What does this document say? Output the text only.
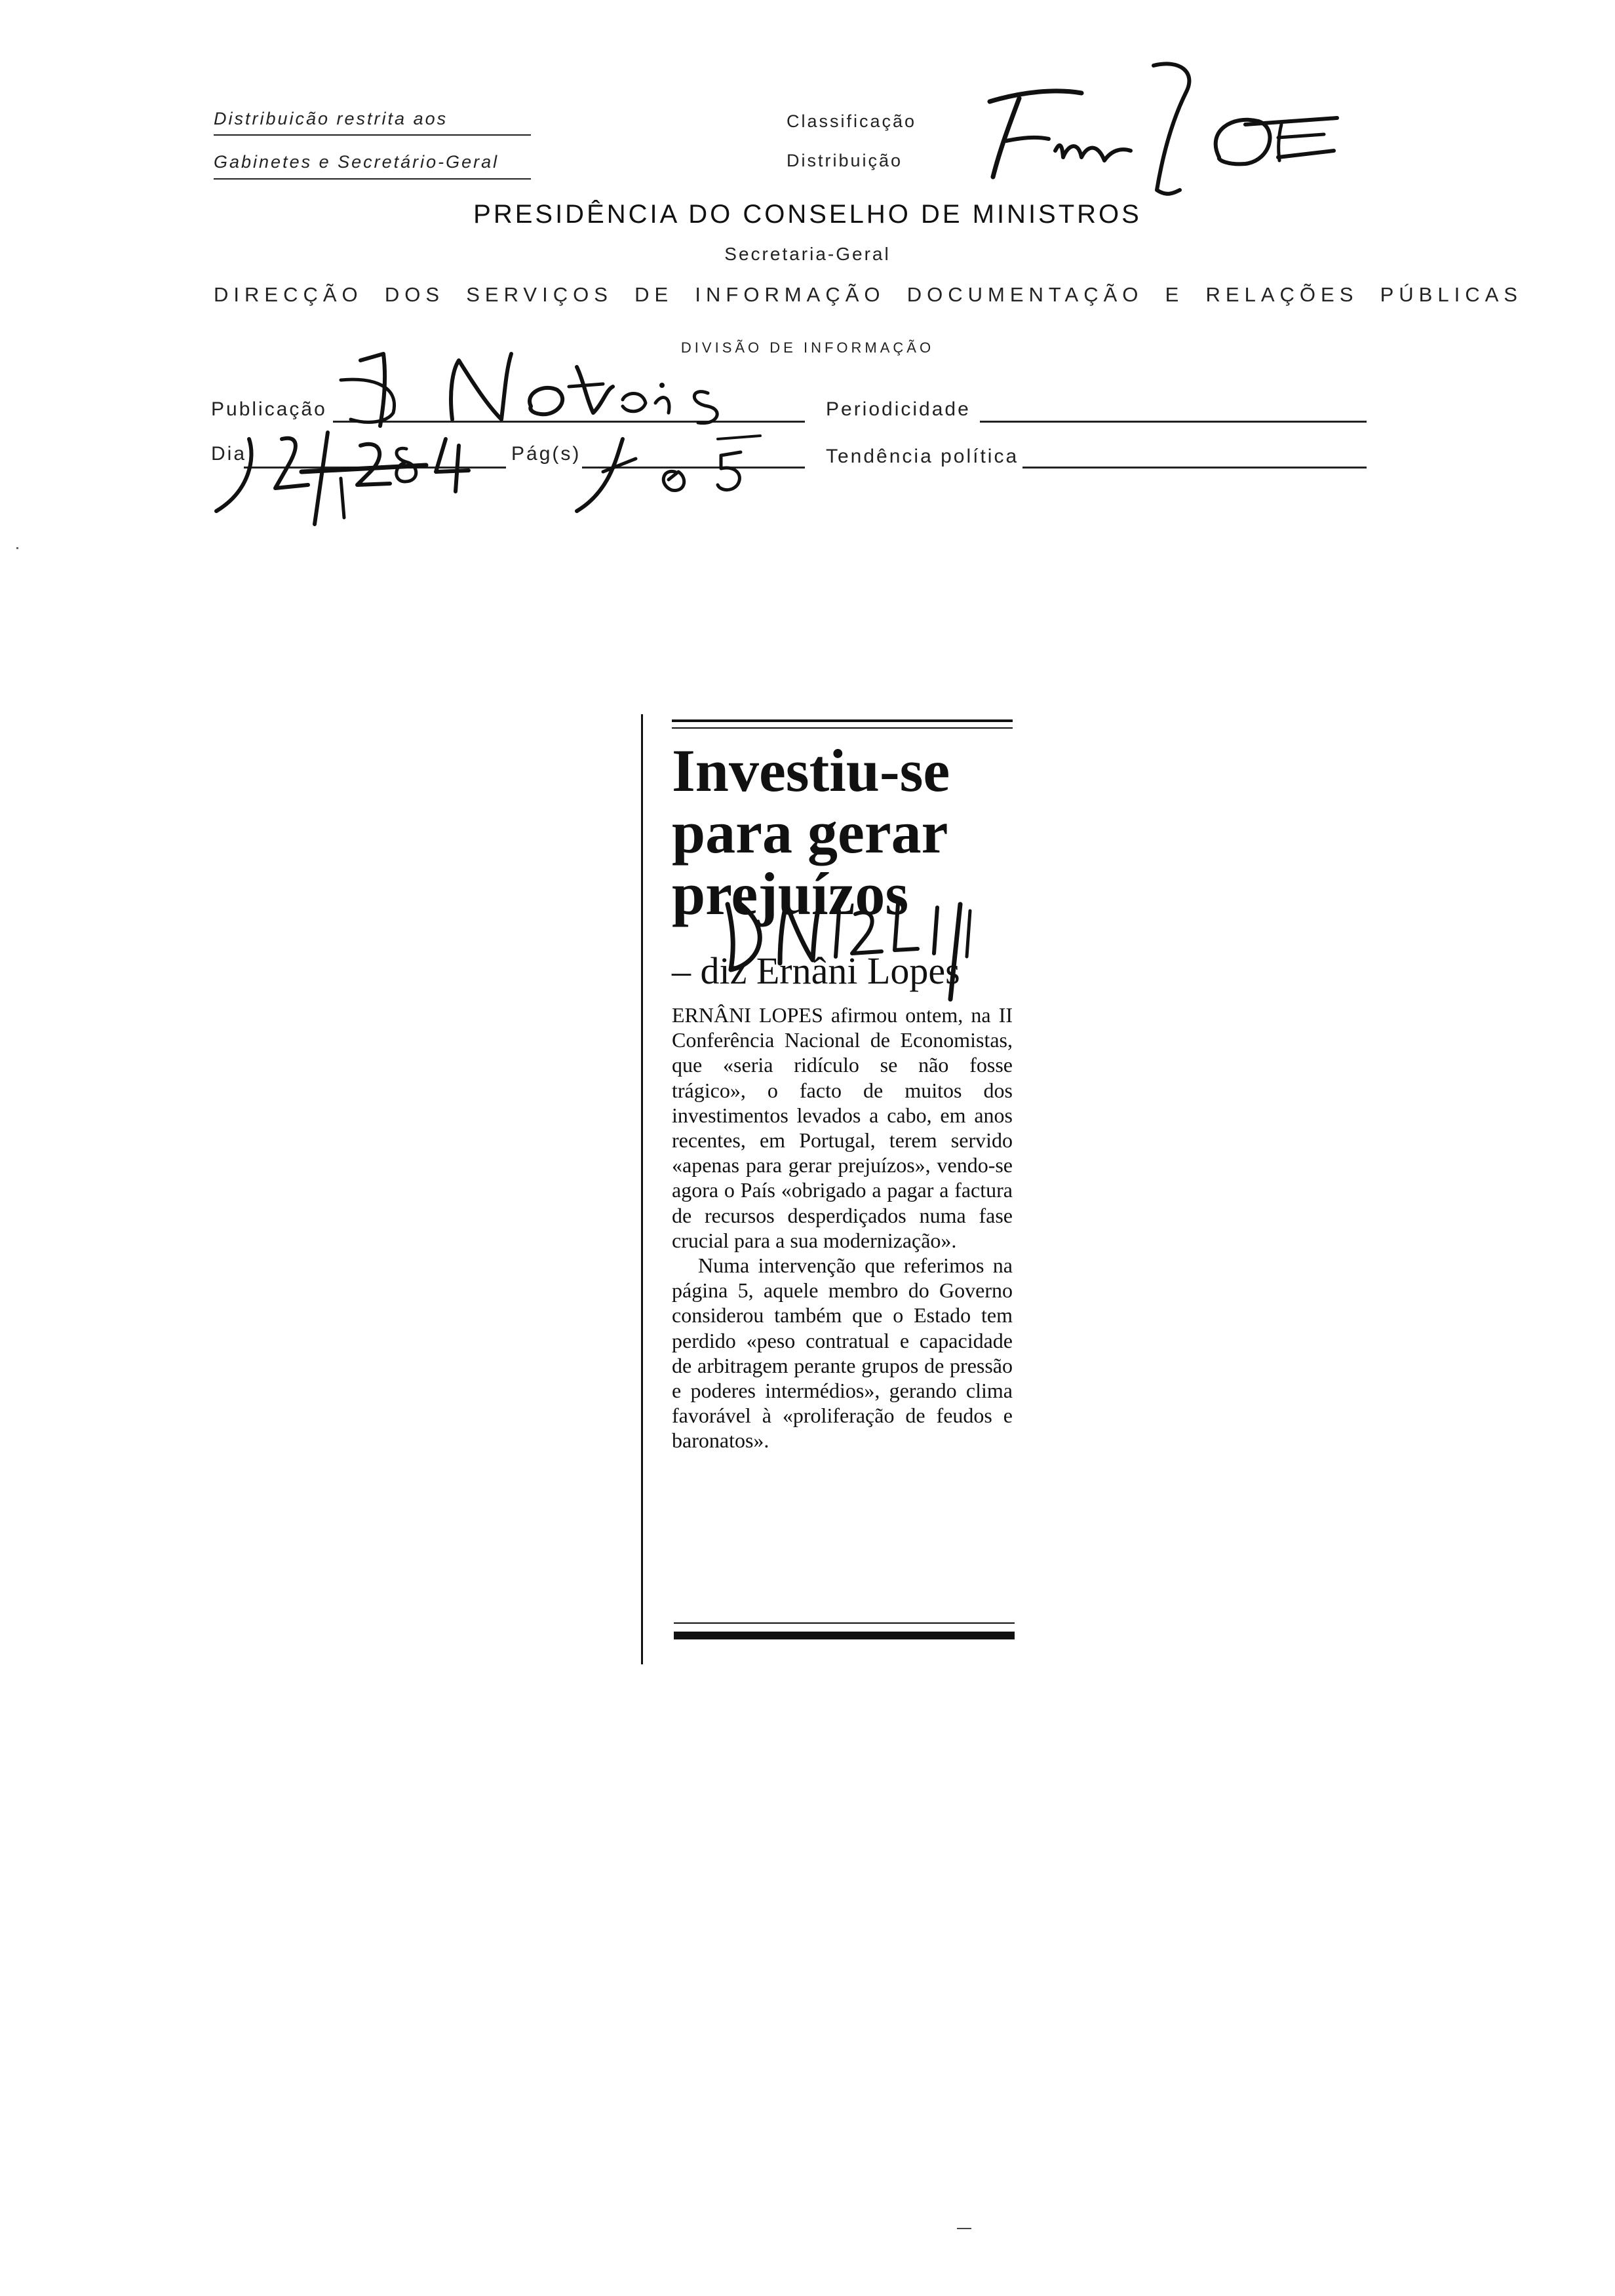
Distribuicão restrita aos
Gabinetes e Secretário-Geral
Classificação
Distribuição
PRESIDÊNCIA DO CONSELHO DE MINISTROS
Secretaria-Geral
DIRECÇÃO  DOS  SERVIÇOS  DE  INFORMAÇÃO  DOCUMENTAÇÃO  E  RELAÇÕES  PÚBLICAS
DIVISÃO DE INFORMAÇÃO
Publicação	Periodicidade
Dia	Pág(s)	Tendência política
Investiu-se
para gerar
prejuízos
– diz Ernâni Lopes

ERNÂNI LOPES afirmou ontem, na II Conferência Nacional de Economistas, que «seria ridículo se não fosse trágico», o facto de muitos dos investimentos levados a cabo, em anos recentes, em Portugal, terem servido «apenas para gerar prejuízos», vendo-se agora o País «obrigado a pagar a factura de recursos desperdiçados numa fase crucial para a sua modernização».

Numa intervenção que referimos na página 5, aquele membro do Governo considerou também que o Estado tem perdido «peso contratual e capacidade de arbitragem perante grupos de pressão e poderes intermédios», gerando clima favorável à «proliferação de feudos e baronatos».
